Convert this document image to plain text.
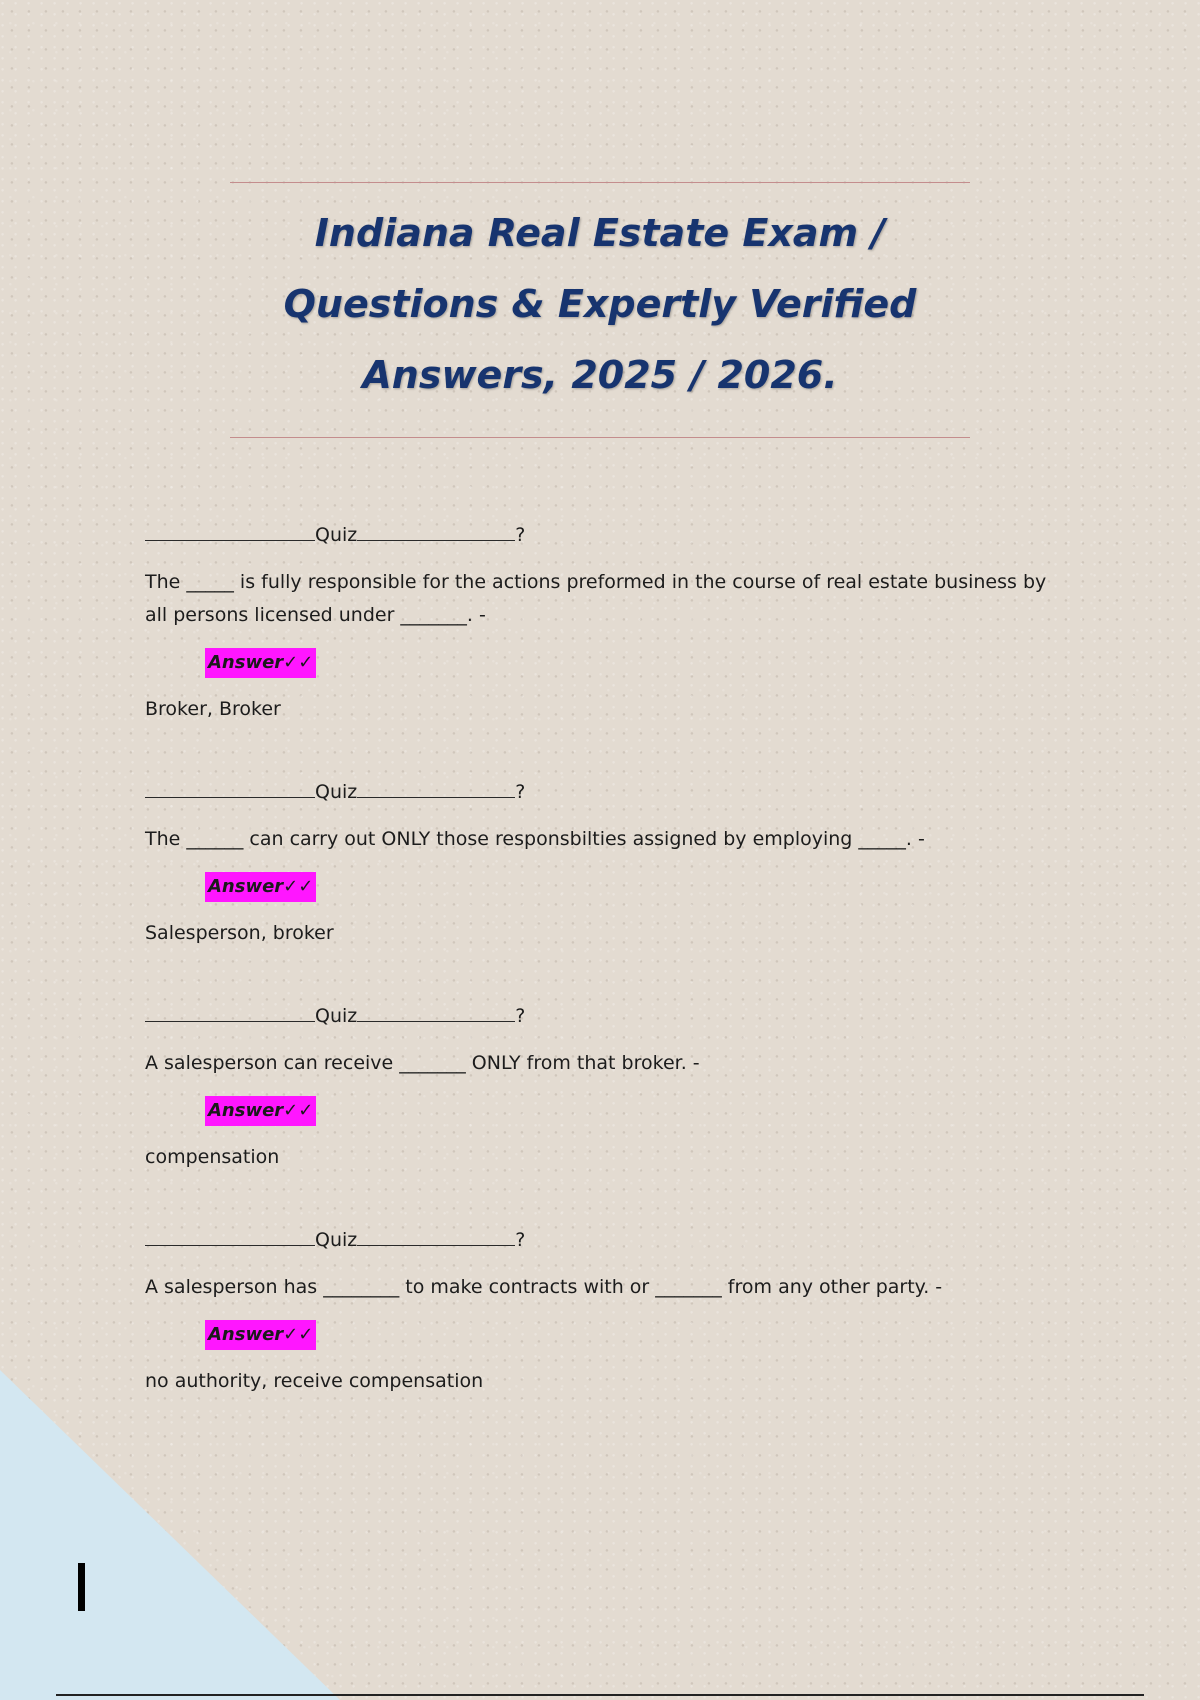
Indiana Real Estate Exam /
Questions & Expertly Verified
Answers, 2025 / 2026.
Quiz	?
The _____ is fully responsible for the actions preformed in the course of real estate business by all persons licensed under _______. -
Answer✓✓
Broker, Broker
Quiz	?
The ______ can carry out ONLY those responsbilties assigned by employing _____. -
Answer✓✓
Salesperson, broker
Quiz	?
A salesperson can receive _______ ONLY from that broker. -
Answer✓✓
compensation
Quiz	?
A salesperson has ________ to make contracts with or _______ from any other party. -
Answer✓✓
no authority, receive compensation
